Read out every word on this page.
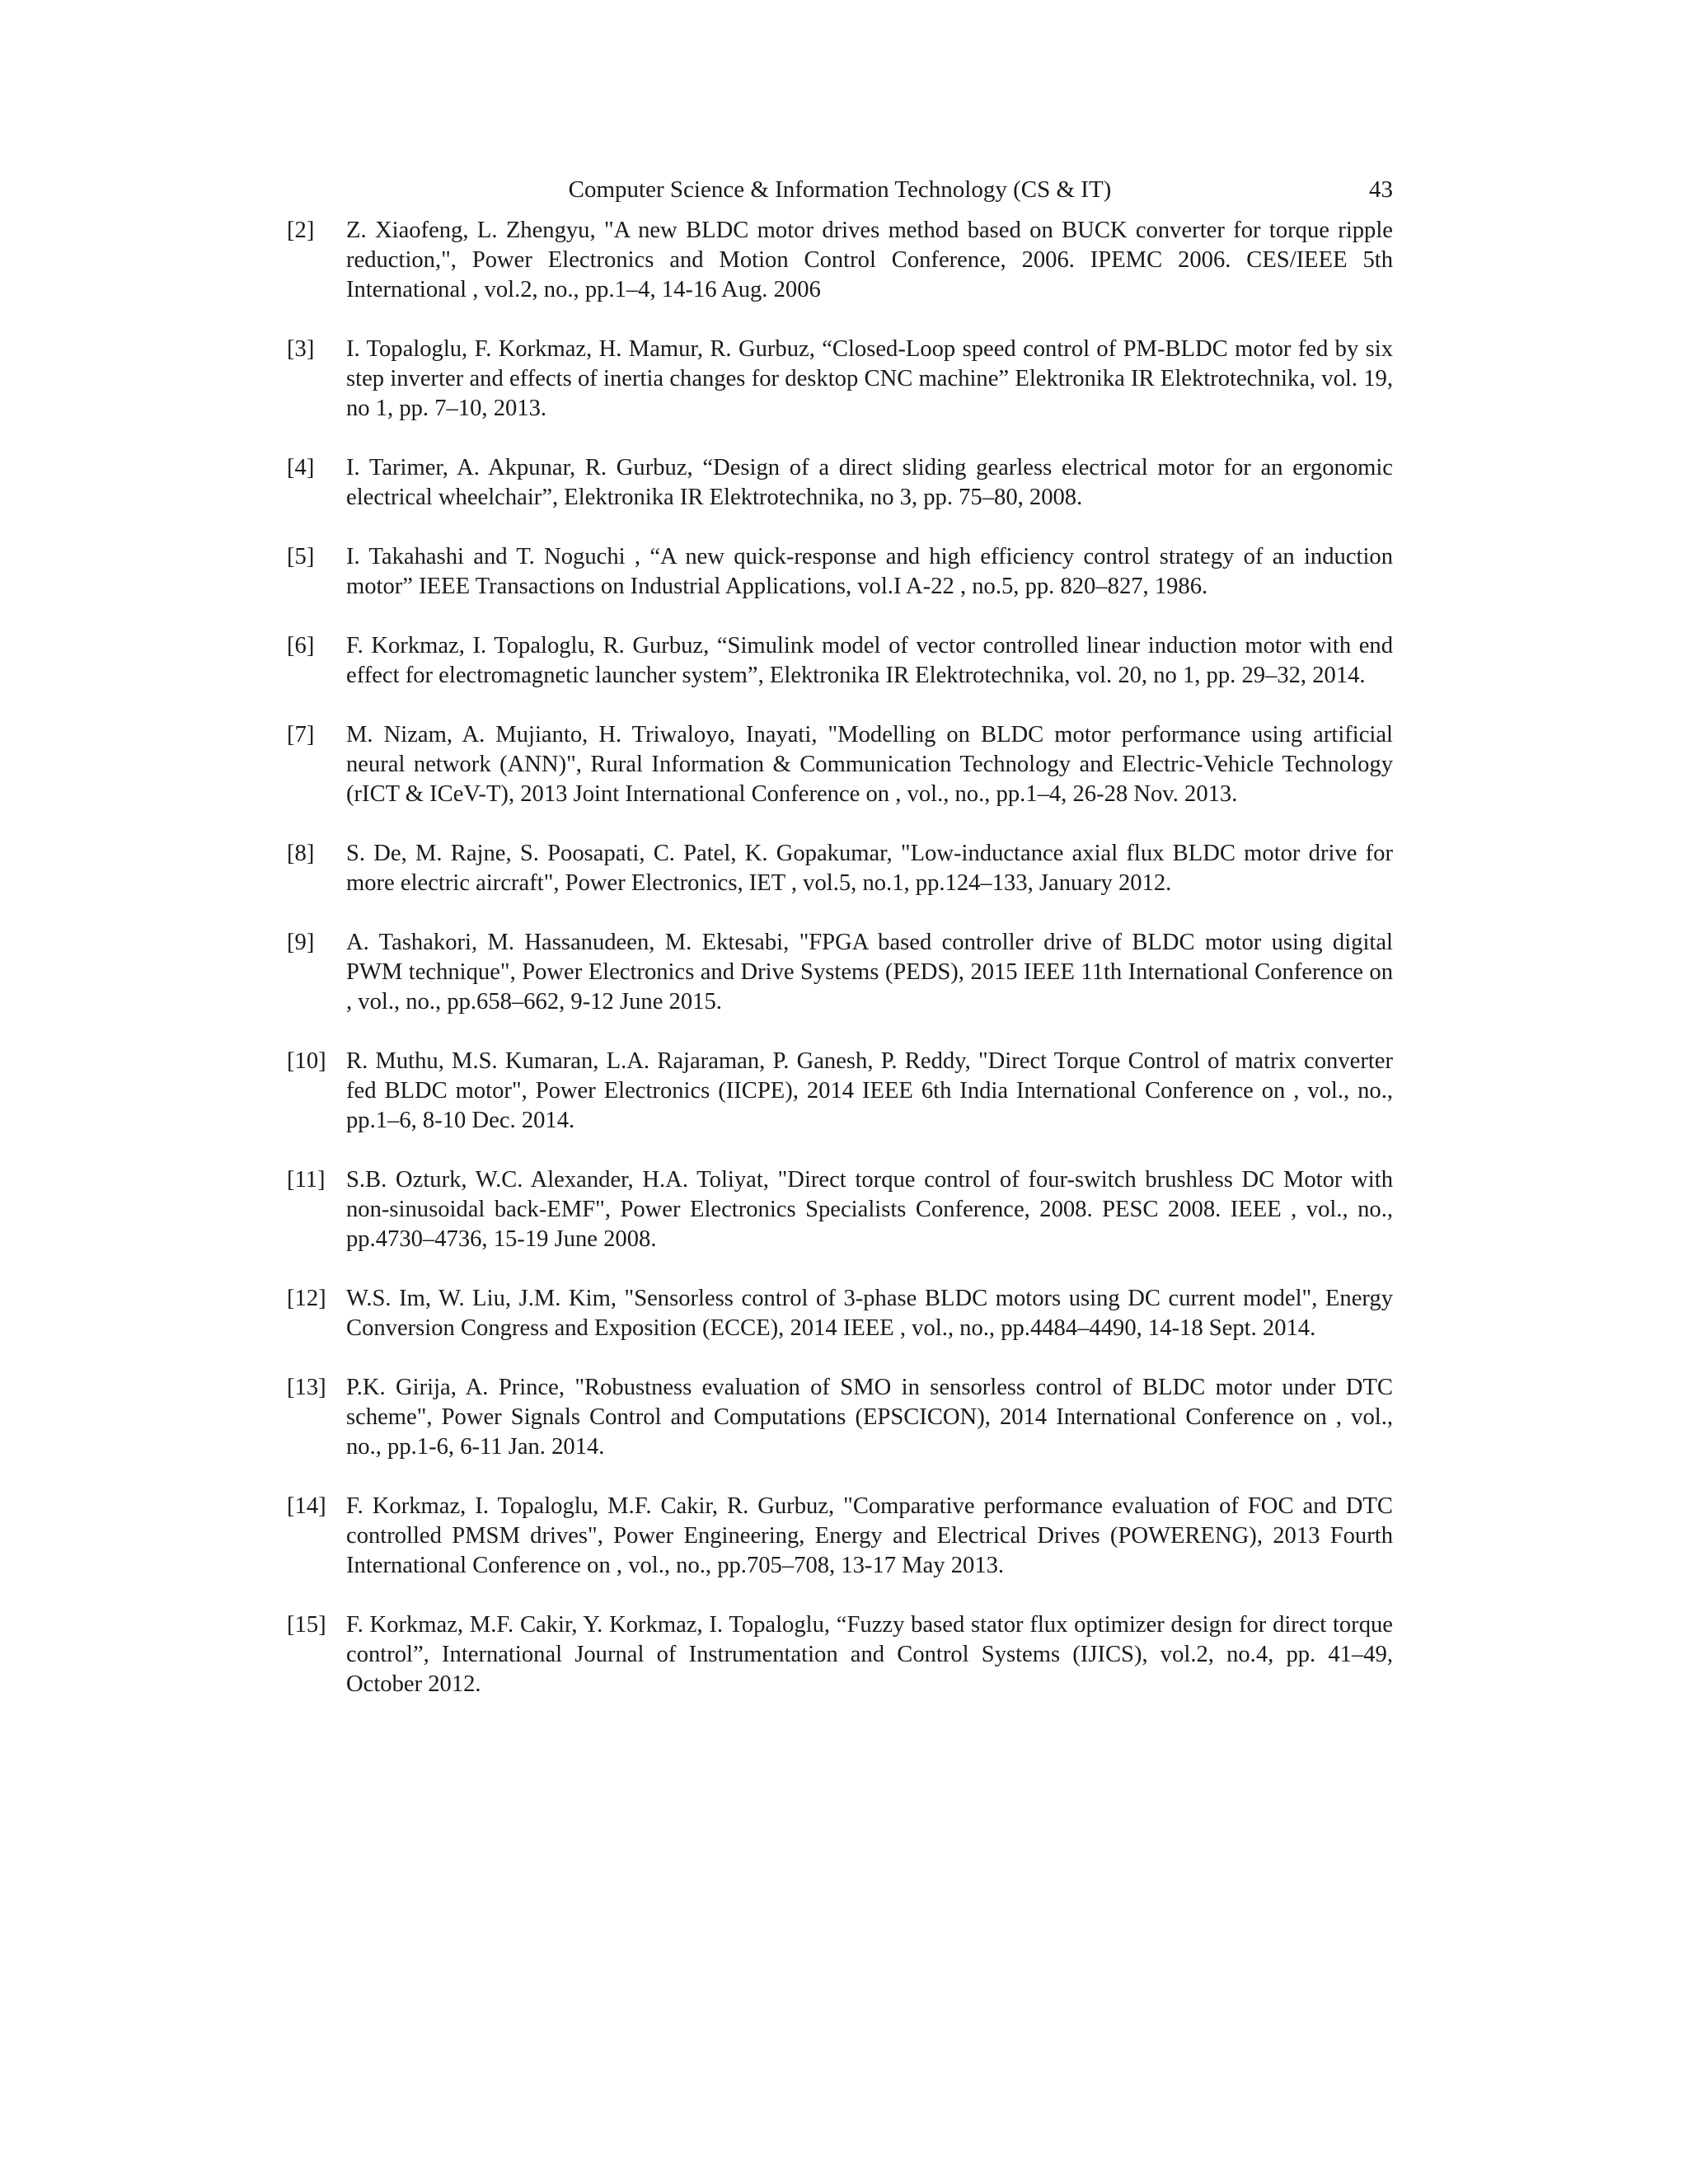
Computer Science & Information Technology (CS & IT)	43
[2] Z. Xiaofeng, L. Zhengyu, "A new BLDC motor drives method based on BUCK converter for torque ripple reduction,", Power Electronics and Motion Control Conference, 2006. IPEMC 2006. CES/IEEE 5th International , vol.2, no., pp.1–4, 14-16 Aug. 2006
[3] I. Topaloglu, F. Korkmaz, H. Mamur, R. Gurbuz, “Closed-Loop speed control of PM-BLDC motor fed by six step inverter and effects of inertia changes for desktop CNC machine” Elektronika IR Elektrotechnika, vol. 19, no 1, pp. 7–10, 2013.
[4] I. Tarimer, A. Akpunar, R. Gurbuz, “Design of a direct sliding gearless electrical motor for an ergonomic electrical wheelchair”, Elektronika IR Elektrotechnika, no 3, pp. 75–80, 2008.
[5] I. Takahashi and T. Noguchi , “A new quick-response and high efficiency control strategy of an induction motor” IEEE Transactions on Industrial Applications, vol.I A-22 , no.5, pp. 820–827, 1986.
[6] F. Korkmaz, I. Topaloglu, R. Gurbuz, “Simulink model of vector controlled linear induction motor with end effect for electromagnetic launcher system”, Elektronika IR Elektrotechnika, vol. 20, no 1, pp. 29–32, 2014.
[7] M. Nizam, A. Mujianto, H. Triwaloyo, Inayati, "Modelling on BLDC motor performance using artificial neural network (ANN)", Rural Information & Communication Technology and Electric-Vehicle Technology (rICT & ICeV-T), 2013 Joint International Conference on , vol., no., pp.1–4, 26-28 Nov. 2013.
[8] S. De, M. Rajne, S. Poosapati, C. Patel, K. Gopakumar, "Low-inductance axial flux BLDC motor drive for more electric aircraft", Power Electronics, IET , vol.5, no.1, pp.124–133, January 2012.
[9] A. Tashakori, M. Hassanudeen, M. Ektesabi, "FPGA based controller drive of BLDC motor using digital PWM technique", Power Electronics and Drive Systems (PEDS), 2015 IEEE 11th International Conference on , vol., no., pp.658–662, 9-12 June 2015.
[10] R. Muthu, M.S. Kumaran, L.A. Rajaraman, P. Ganesh, P. Reddy, "Direct Torque Control of matrix converter fed BLDC motor", Power Electronics (IICPE), 2014 IEEE 6th India International Conference on , vol., no., pp.1–6, 8-10 Dec. 2014.
[11] S.B. Ozturk, W.C. Alexander, H.A. Toliyat, "Direct torque control of four-switch brushless DC Motor with non-sinusoidal back-EMF", Power Electronics Specialists Conference, 2008. PESC 2008. IEEE , vol., no., pp.4730–4736, 15-19 June 2008.
[12] W.S. Im, W. Liu, J.M. Kim, "Sensorless control of 3-phase BLDC motors using DC current model", Energy Conversion Congress and Exposition (ECCE), 2014 IEEE , vol., no., pp.4484–4490, 14-18 Sept. 2014.
[13] P.K. Girija, A. Prince, "Robustness evaluation of SMO in sensorless control of BLDC motor under DTC scheme", Power Signals Control and Computations (EPSCICON), 2014 International Conference on , vol., no., pp.1-6, 6-11 Jan. 2014.
[14] F. Korkmaz, I. Topaloglu, M.F. Cakir, R. Gurbuz, "Comparative performance evaluation of FOC and DTC controlled PMSM drives", Power Engineering, Energy and Electrical Drives (POWERENG), 2013 Fourth International Conference on , vol., no., pp.705–708, 13-17 May 2013.
[15] F. Korkmaz, M.F. Cakir, Y. Korkmaz, I. Topaloglu, “Fuzzy based stator flux optimizer design for direct torque control”, International Journal of Instrumentation and Control Systems (IJICS), vol.2, no.4, pp. 41–49, October 2012.
